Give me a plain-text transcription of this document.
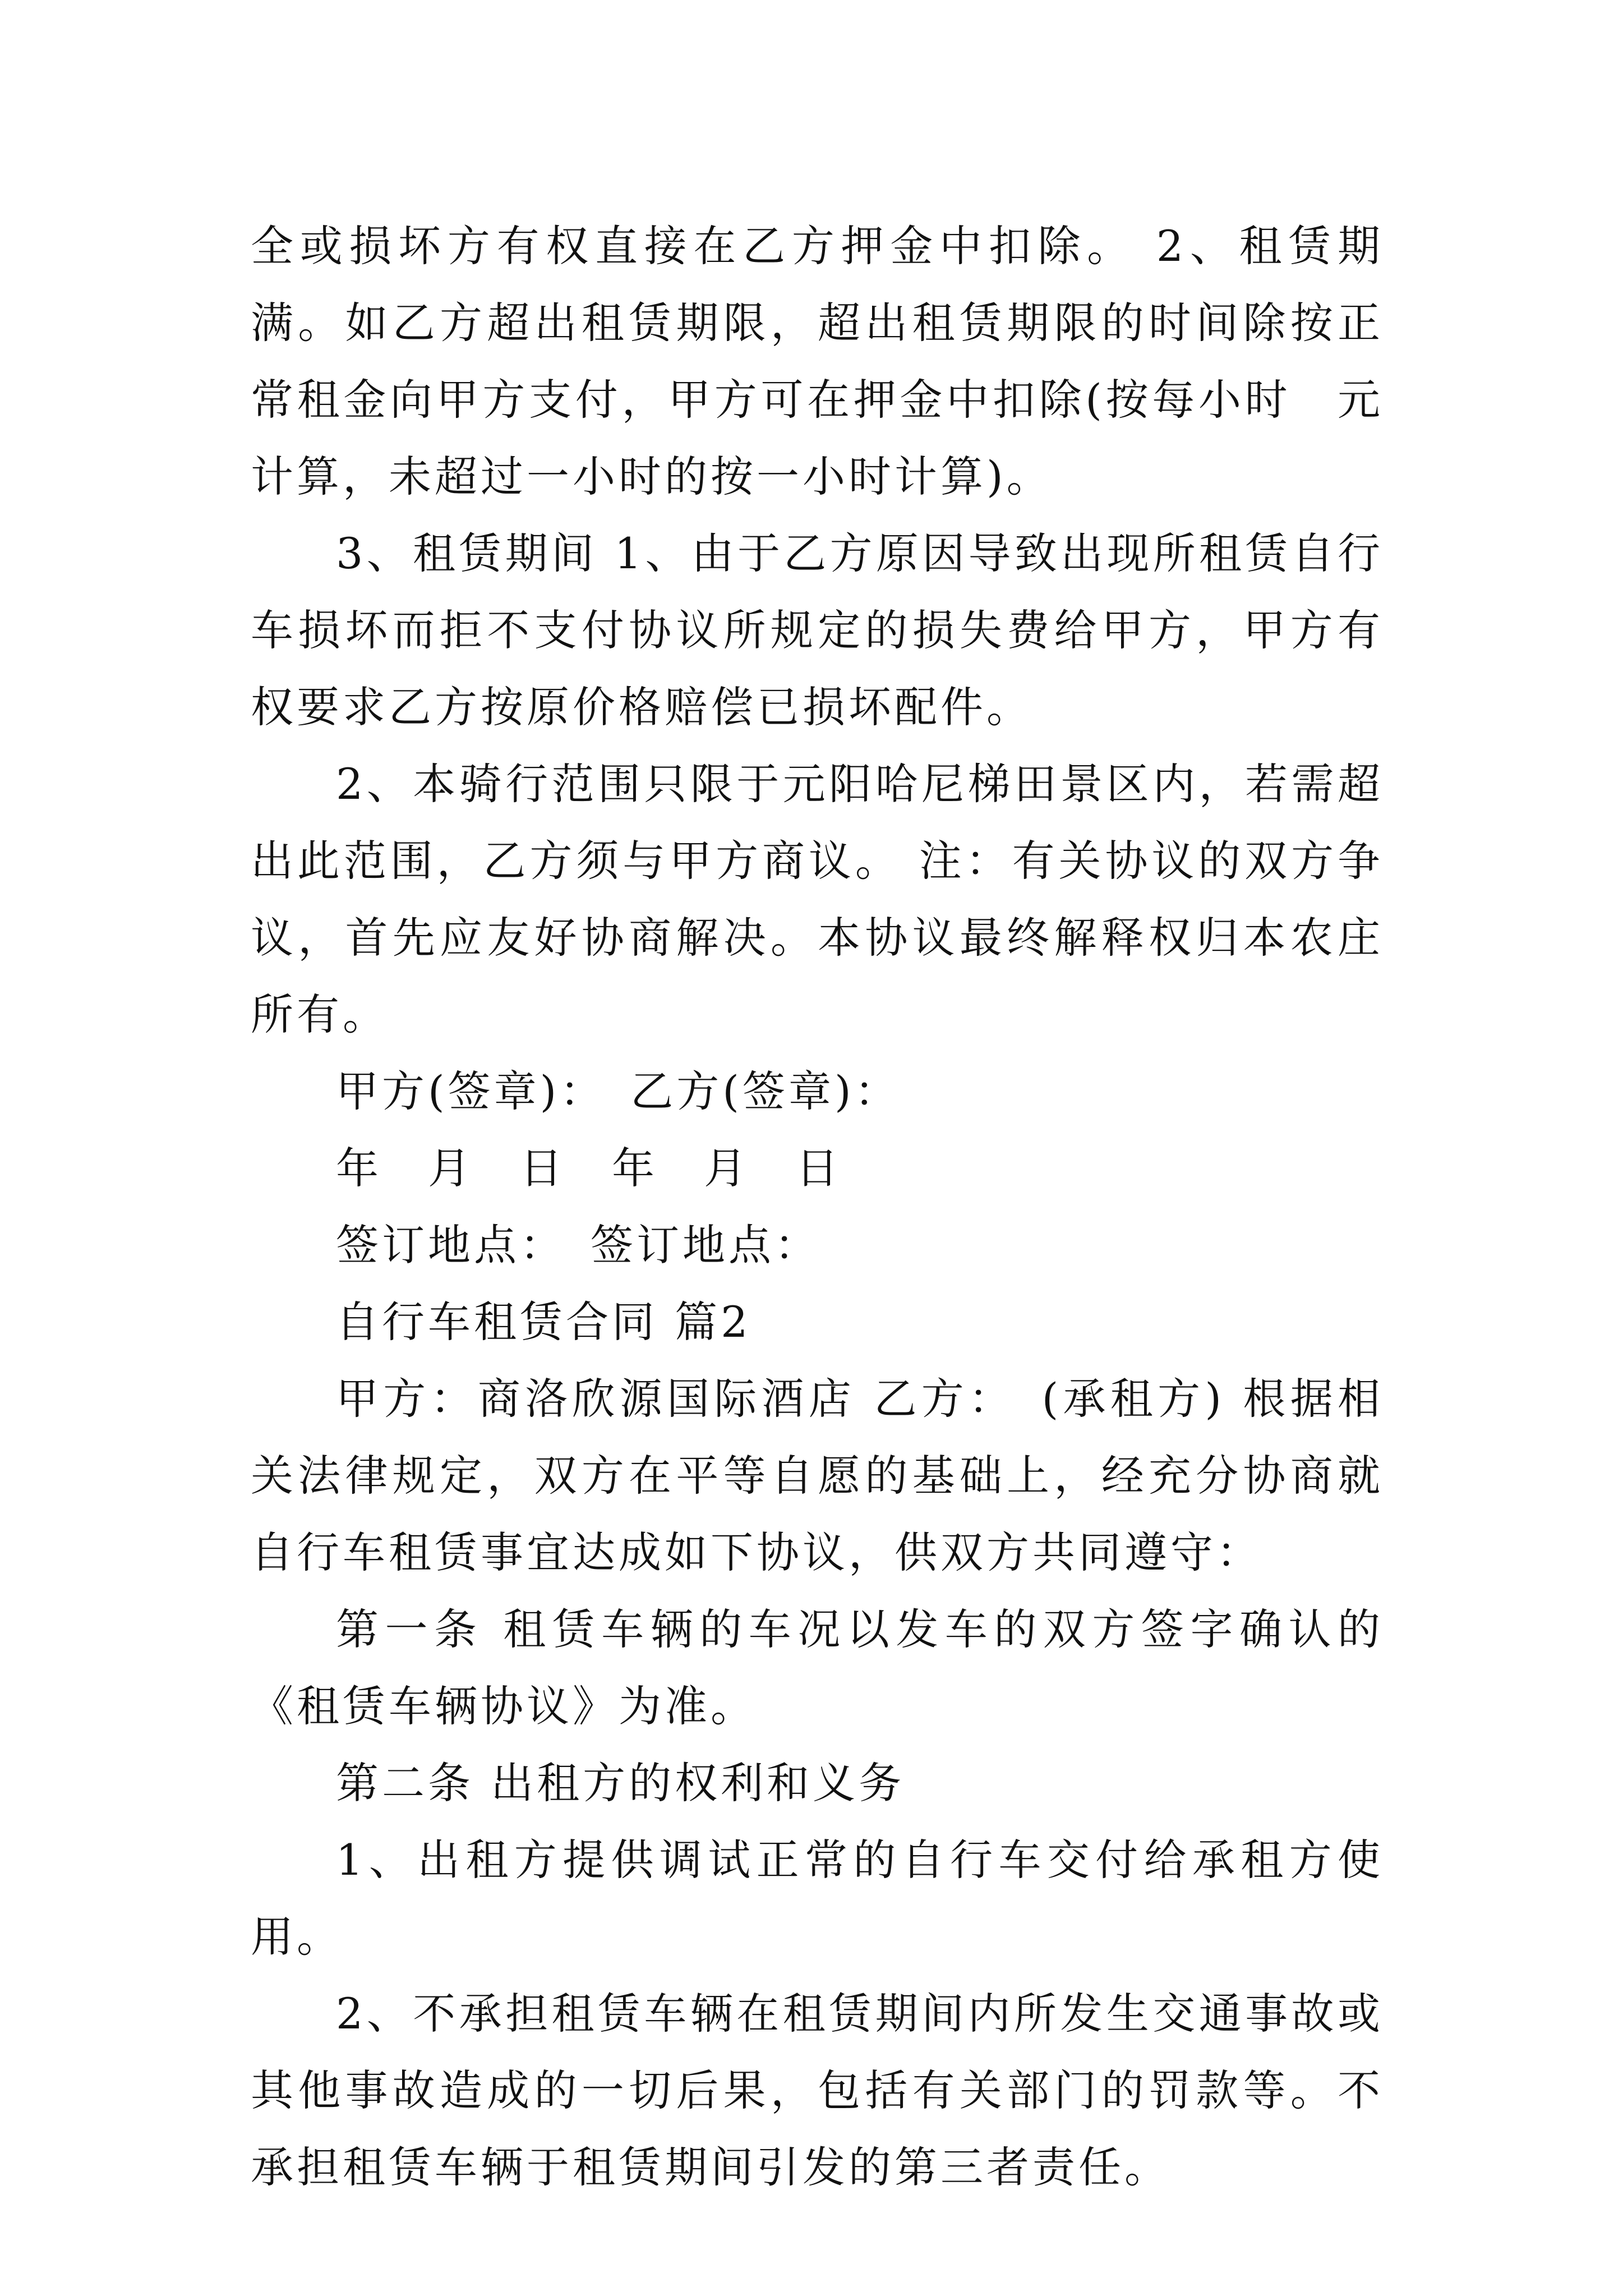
全或损坏方有权直接在乙方押金中扣除。 2、租赁期满。如乙方超出租赁期限，超出租赁期限的时间除按正常租金向甲方支付，甲方可在押金中扣除(按每小时　元计算，未超过一小时的按一小时计算)。

3、租赁期间 1、由于乙方原因导致出现所租赁自行车损坏而拒不支付协议所规定的损失费给甲方，甲方有权要求乙方按原价格赔偿已损坏配件。

2、本骑行范围只限于元阳哈尼梯田景区内，若需超出此范围，乙方须与甲方商议。 注：有关协议的双方争议，首先应友好协商解决。本协议最终解释权归本农庄所有。

甲方(签章)：　乙方(签章)：

年　月　日　年　月　日

签订地点：　签订地点：

自行车租赁合同 篇2

甲方：商洛欣源国际酒店 乙方：　(承租方) 根据相关法律规定，双方在平等自愿的基础上，经充分协商就自行车租赁事宜达成如下协议，供双方共同遵守：

第一条 租赁车辆的车况以发车的双方签字确认的《租赁车辆协议》为准。

第二条 出租方的权利和义务

1、出租方提供调试正常的自行车交付给承租方使用。

2、不承担租赁车辆在租赁期间内所发生交通事故或其他事故造成的一切后果，包括有关部门的罚款等。不承担租赁车辆于租赁期间引发的第三者责任。
